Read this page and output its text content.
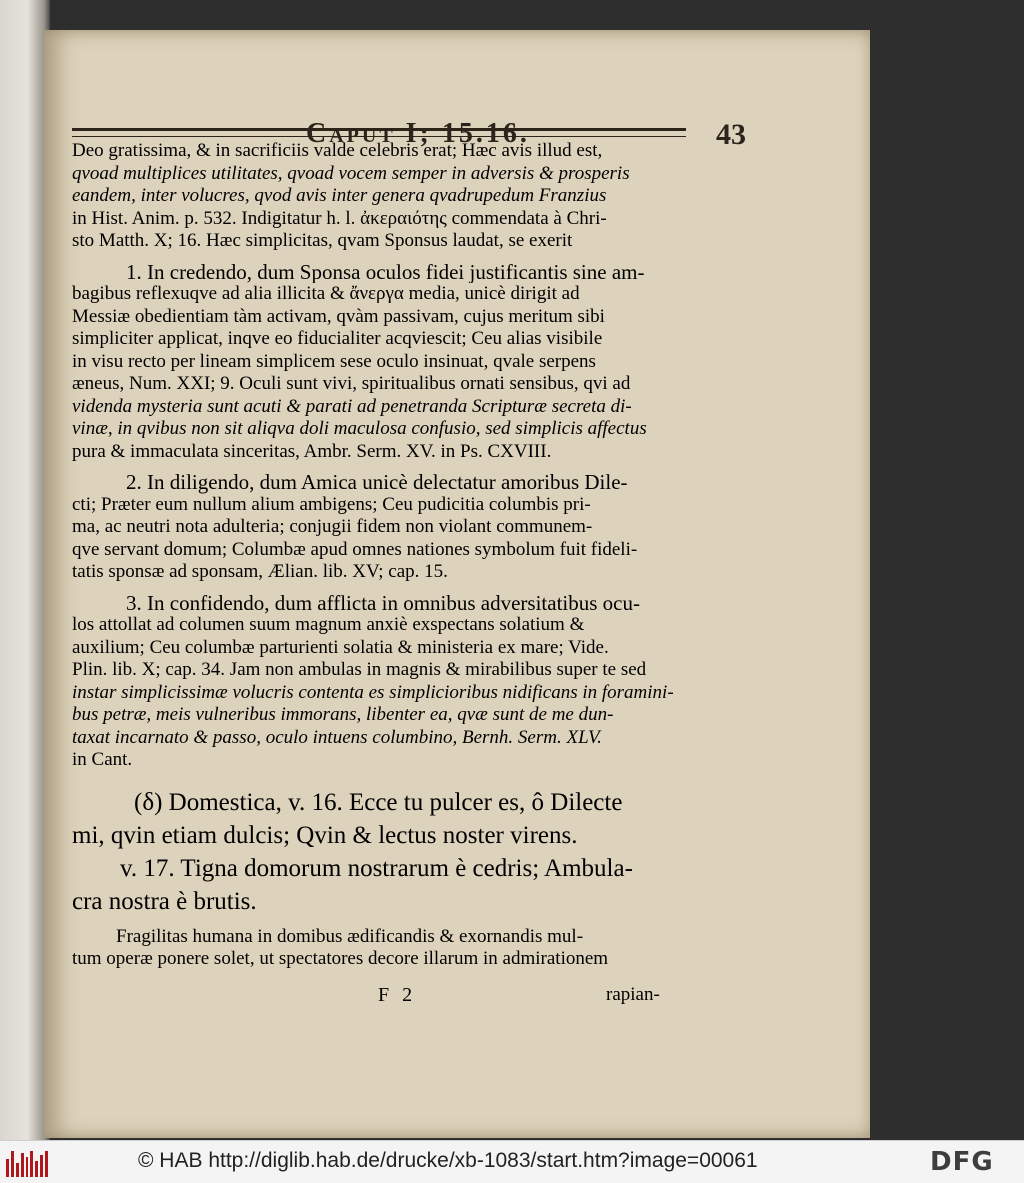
Caput I; 15.16.	43
Deo gratissima, & in sacrificiis valde celebris erat; Hæc avis illud est,
qvoad multiplices utilitates, qvoad vocem semper in adversis & prosperis
eandem, inter volucres, qvod avis inter genera qvadrupedum Franzius
in Hist. Anim. p. 532. Indigitatur h. l. ἀκεραιότης commendata à Chri-
sto Matth. X; 16. Hæc simplicitas, qvam Sponsus laudat, se exerit
1. In credendo, dum Sponsa oculos fidei justificantis sine am-
bagibus reflexuqve ad alia illicita & ἄνεργα media, unicè dirigit ad
Messiæ obedientiam tàm activam, qvàm passivam, cujus meritum sibi
simpliciter applicat, inqve eo fiducialiter acqviescit; Ceu alias visibile
in visu recto per lineam simplicem sese oculo insinuat, qvale serpens
æneus, Num. XXI; 9. Oculi sunt vivi, spiritualibus ornati sensibus, qvi ad
videnda mysteria sunt acuti & parati ad penetranda Scripturæ secreta di-
vinæ, in qvibus non sit aliqva doli maculosa confusio, sed simplicis affectus
pura & immaculata sinceritas, Ambr. Serm. XV. in Ps. CXVIII.
2. In diligendo, dum Amica unicè delectatur amoribus Dile-
cti; Præter eum nullum alium ambigens; Ceu pudicitia columbis pri-
ma, ac neutri nota adulteria; conjugii fidem non violant communem-
qve servant domum; Columbæ apud omnes nationes symbolum fuit fideli-
tatis sponsæ ad sponsam, Ælian. lib. XV; cap. 15.
3. In confidendo, dum afflicta in omnibus adversitatibus ocu-
los attollat ad columen suum magnum anxiè exspectans solatium &
auxilium; Ceu columbæ parturienti solatia & ministeria ex mare; Vide.
Plin. lib. X; cap. 34. Jam non ambulas in magnis & mirabilibus super te sed
instar simplicissimæ volucris contenta es simplicioribus nidificans in foramini-
bus petræ, meis vulneribus immorans, libenter ea, qvæ sunt de me dun-
taxat incarnato & passo, oculo intuens columbino, Bernh. Serm. XLV.
in Cant.
(δ) Domestica, v. 16. Ecce tu pulcer es, ô Dilecte
mi, qvin etiam dulcis; Qvin & lectus noster virens.
v. 17. Tigna domorum nostrarum è cedris; Ambula-
cra nostra è brutis.
Fragilitas humana in domibus ædificandis & exornandis mul-
tum operæ ponere solet, ut spectatores decore illarum in admirationem
F 2	rapian-
© HAB http://diglib.hab.de/drucke/xb-1083/start.htm?image=00061	DFG
